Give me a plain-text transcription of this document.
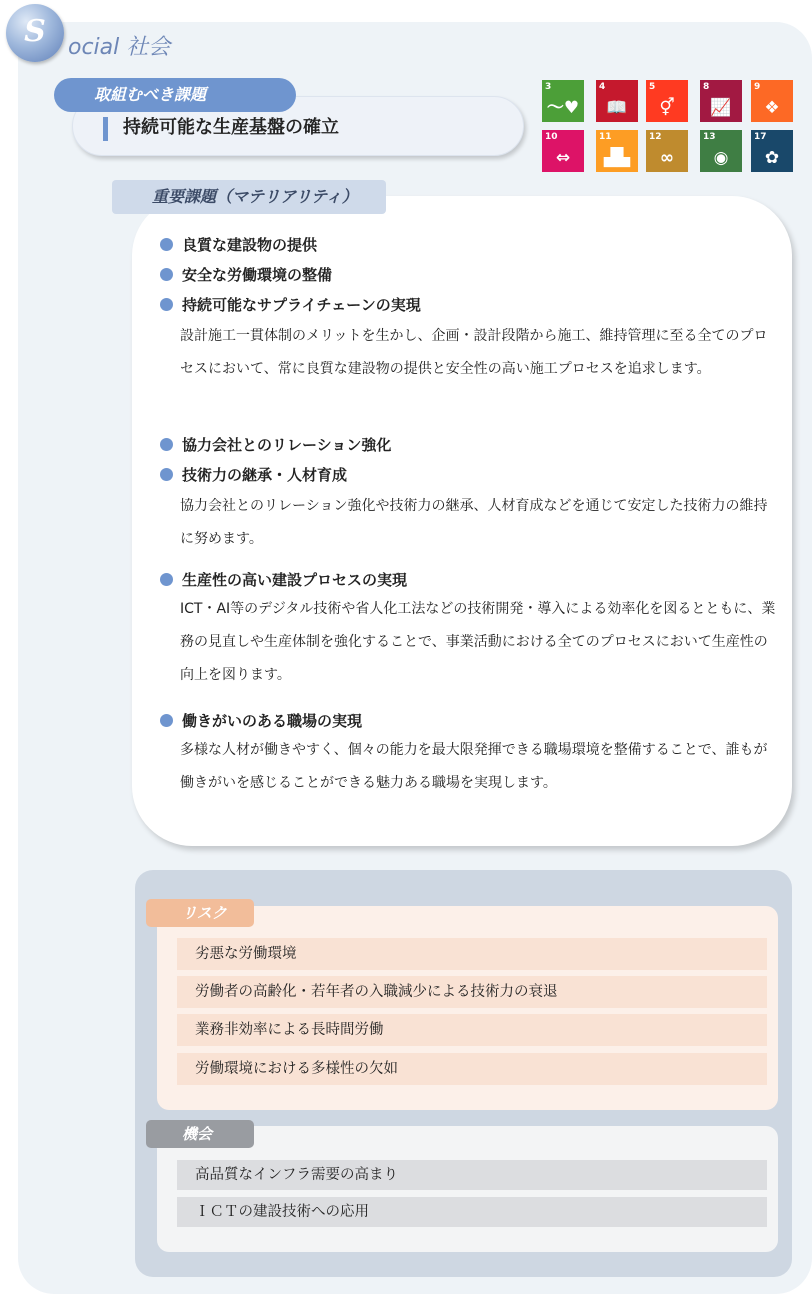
S ocial 社会
持続可能な生産基盤の確立
取組むべき課題	3
〜♥
4
📖
5
⚥
8
📈
9
❖
10
⇔
11
▟▙
12
∞
13
◉
17
✿
良質な建設物の提供
安全な労働環境の整備
持続可能なサプライチェーンの実現
設計施工一貫体制のメリットを生かし、企画・設計段階から施工、維持管理に至る全てのプロセスにおいて、常に良質な建設物の提供と安全性の高い施工プロセスを追求します。
協力会社とのリレーション強化
技術力の継承・人材育成
協力会社とのリレーション強化や技術力の継承、人材育成などを通じて安定した技術力の維持に努めます。
生産性の高い建設プロセスの実現
ICT・AI等のデジタル技術や省人化工法などの技術開発・導入による効率化を図るとともに、業務の見直しや生産体制を強化することで、事業活動における全てのプロセスにおいて生産性の向上を図ります。
働きがいのある職場の実現
多様な人材が働きやすく、個々の能力を最大限発揮できる職場環境を整備することで、誰もが働きがいを感じることができる魅力ある職場を実現します。
重要課題（マテリアリティ）
劣悪な労働環境
労働者の高齢化・若年者の入職減少による技術力の衰退
業務非効率による長時間労働
労働環境における多様性の欠如
リスク
高品質なインフラ需要の高まり
ＩＣＴの建設技術への応用
機会
